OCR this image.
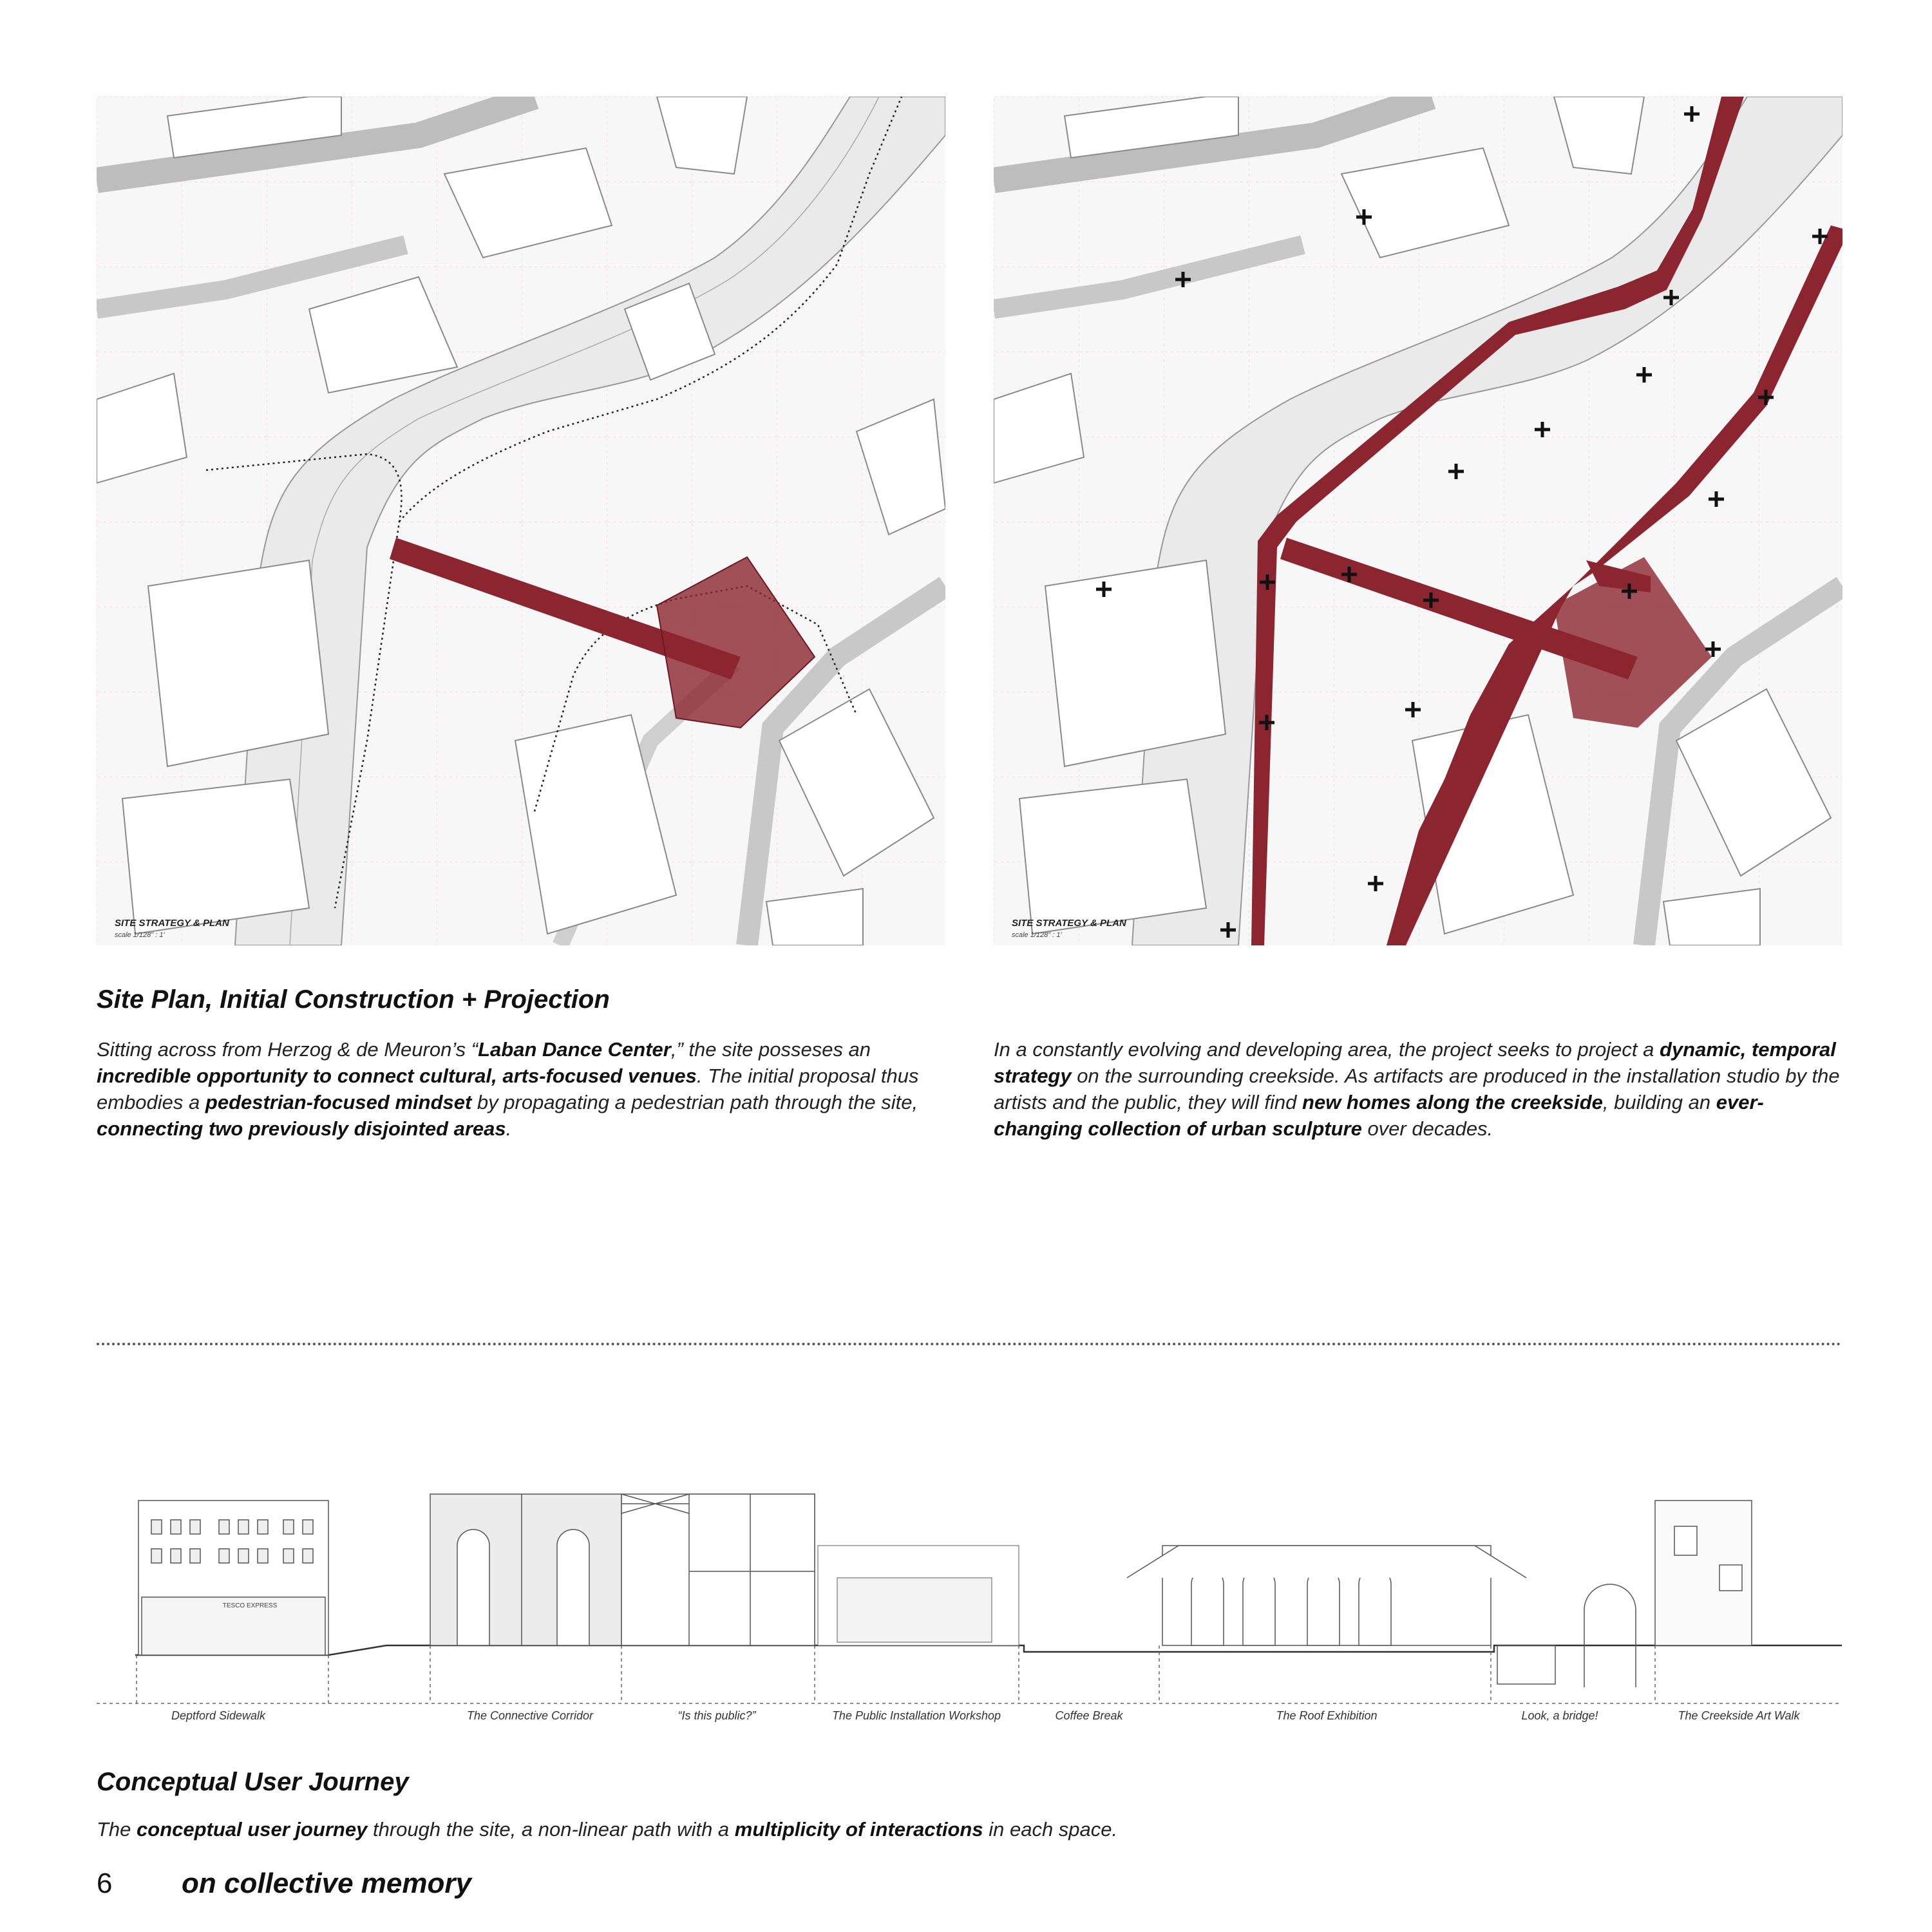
SITE STRATEGY & PLAN
scale 1/128" : 1'
SITE STRATEGY & PLAN
scale 1/128" : 1'
Site Plan, Initial Construction + Projection
Sitting across from Herzog & de Meuron’s “Laban Dance Center,” the site posseses an incredible opportunity to connect cultural, arts-focused venues. The initial proposal thus embodies a pedestrian-focused mindset by propagating a pedestrian path through the site, connecting two previously disjointed areas.
In a constantly evolving and developing area, the project seeks to project a dynamic, temporal strategy on the surrounding creekside. As artifacts are produced in the installation studio by the artists and the public, they will find new homes along the creekside, building an ever-changing collection of urban sculpture over decades.
TESCO EXPRESS
Deptford Sidewalk	The Connective Corridor	“Is this public?”	The Public Installation Workshop	Coffee Break	The Roof Exhibition	Look, a bridge!	The Creekside Art Walk
Conceptual User Journey
The conceptual user journey through the site, a non-linear path with a multiplicity of interactions in each space.
6 on collective memory
